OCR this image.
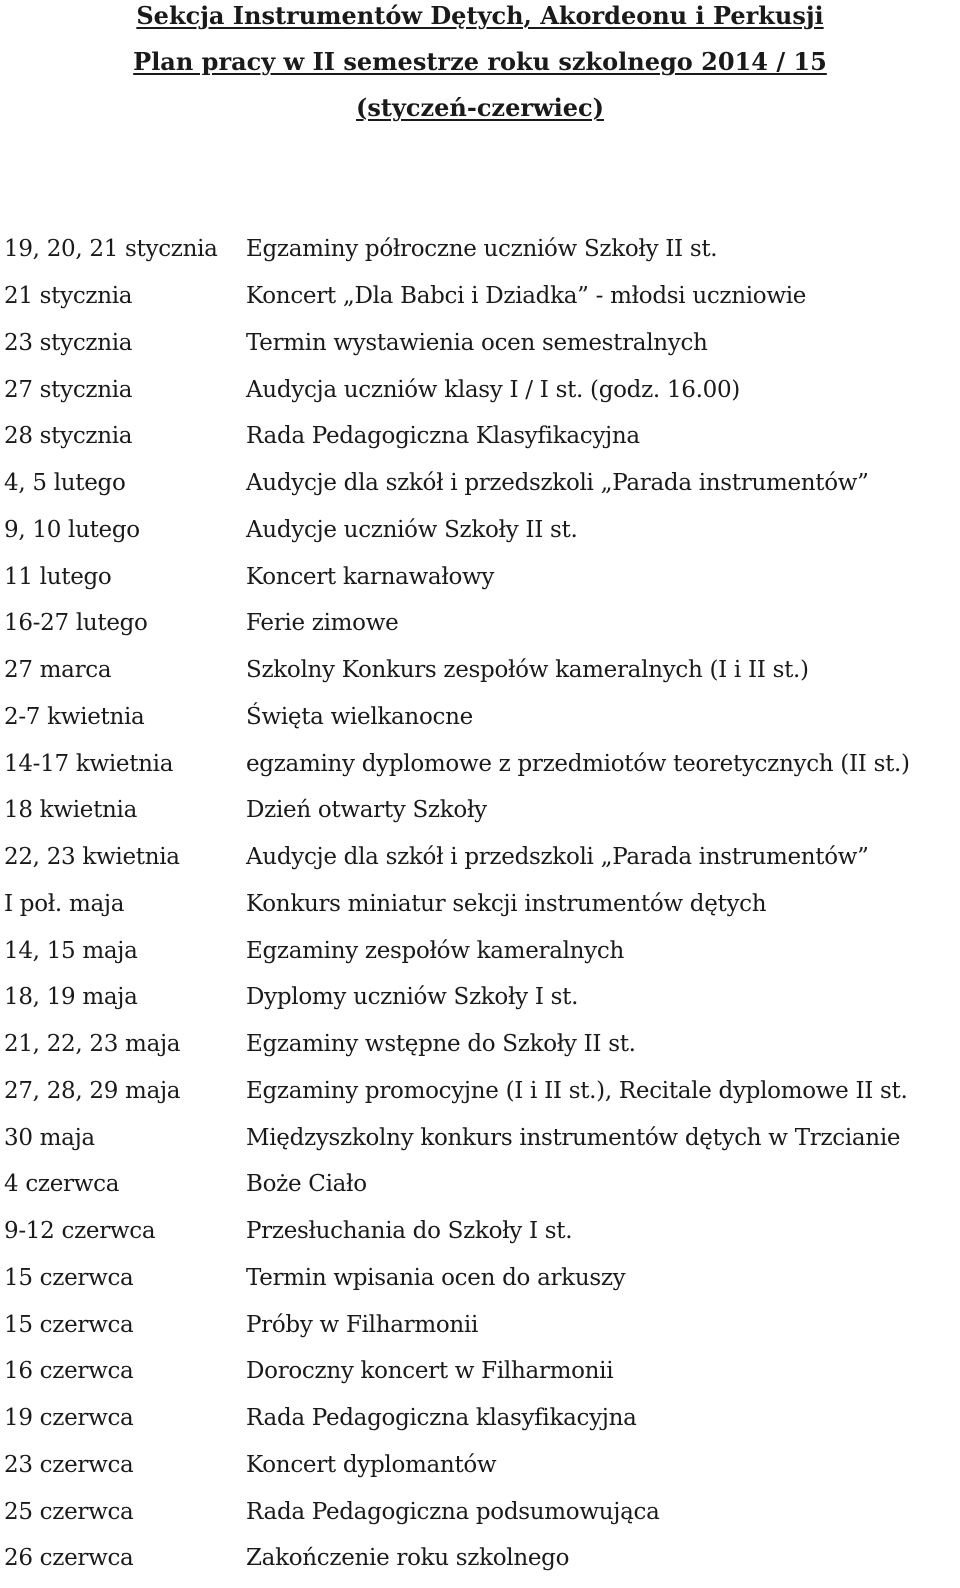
Sekcja Instrumentów Dętych, Akordeonu i Perkusji

Plan pracy w II semestrze roku szkolnego 2014 / 15

(styczeń-czerwiec)

19, 20, 21 stycznia	Egzaminy półroczne uczniów Szkoły II st.
21 stycznia	Koncert „Dla Babci i Dziadka” - młodsi uczniowie
23 stycznia	Termin wystawienia ocen semestralnych
27 stycznia	Audycja uczniów klasy I / I st. (godz. 16.00)
28 stycznia	Rada Pedagogiczna Klasyfikacyjna
4, 5 lutego	Audycje dla szkół i przedszkoli „Parada instrumentów”
9, 10 lutego	Audycje uczniów Szkoły II st.
11 lutego	Koncert karnawałowy
16-27 lutego	Ferie zimowe
27 marca	Szkolny Konkurs zespołów kameralnych (I i II st.)
2-7 kwietnia	Święta wielkanocne
14-17 kwietnia	egzaminy dyplomowe z przedmiotów teoretycznych (II st.)
18 kwietnia	Dzień otwarty Szkoły
22, 23 kwietnia	Audycje dla szkół i przedszkoli „Parada instrumentów”
I poł. maja	Konkurs miniatur sekcji instrumentów dętych
14, 15 maja	Egzaminy zespołów kameralnych
18, 19 maja	Dyplomy uczniów Szkoły I st.
21, 22, 23 maja	Egzaminy wstępne do Szkoły II st.
27, 28, 29 maja	Egzaminy promocyjne (I i II st.), Recitale dyplomowe II st.
30 maja	Międzyszkolny konkurs instrumentów dętych w Trzcianie
4 czerwca	Boże Ciało
9-12 czerwca	Przesłuchania do Szkoły I st.
15 czerwca	Termin wpisania ocen do arkuszy
15 czerwca	Próby w Filharmonii
16 czerwca	Doroczny koncert w Filharmonii
19 czerwca	Rada Pedagogiczna klasyfikacyjna
23 czerwca	Koncert dyplomantów
25 czerwca	Rada Pedagogiczna podsumowująca
26 czerwca	Zakończenie roku szkolnego
